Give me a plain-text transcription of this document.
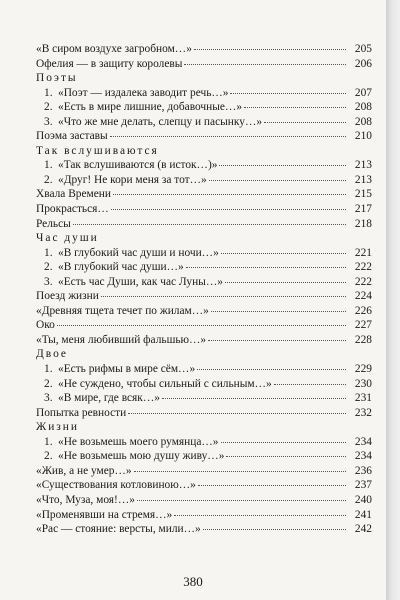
«В сиром воздухе загробном…»	205
Офелия — в защиту королевы	206
Поэты
1. «Поэт — издалека заводит речь…»	207
2. «Есть в мире лишние, добавочные…»	208
3. «Что же мне делать, слепцу и пасынку…»	208
Поэма заставы	210
Так вслушиваются
1. «Так вслушиваются (в исток…)»	213
2. «Друг! Не кори меня за тот…»	213
Хвала Времени	215
Прокрасться…	217
Рельсы	218
Час души
1. «В глубокий час души и ночи…»	221
2. «В глубокий час души…»	222
3. «Есть час Души, как час Луны…»	222
Поезд жизни	224
«Древняя тщета течет по жилам…»	226
Око	227
«Ты, меня любивший фальшью…»	228
Двое
1. «Есть рифмы в мире сём…»	229
2. «Не суждено, чтобы сильный с сильным…»	230
3. «В мире, где всяк…»	231
Попытка ревности	232
Жизни
1. «Не возьмешь моего румянца…»	234
2. «Не возьмешь мою душу живу…»	234
«Жив, а не умер…»	236
«Существования котловиною…»	237
«Что, Муза, моя!…»	240
«Променявши на стремя…»	241
«Рас — стояние: версты, мили…»	242
380
